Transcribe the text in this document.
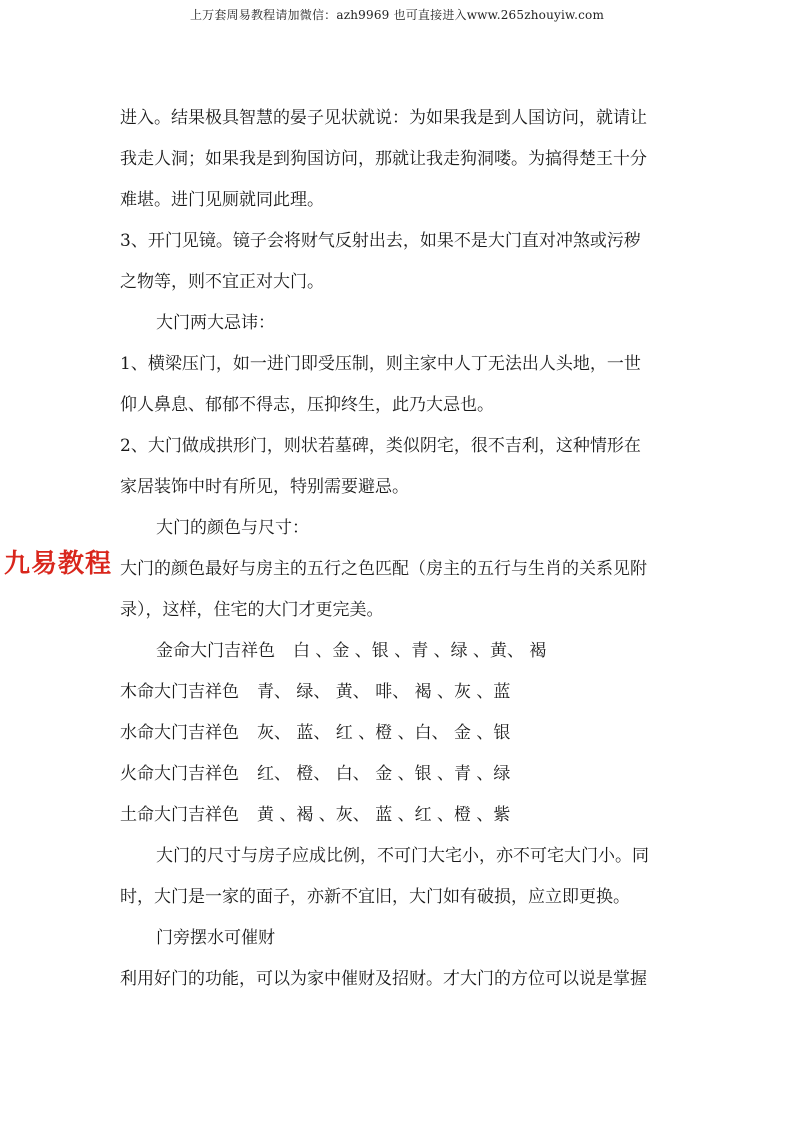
上万套周易教程请加微信：azh9969 也可直接进入www.265zhouyiw.com
九易教程
进入。结果极具智慧的晏子见状就说：为如果我是到人国访问，就请让
我走人洞；如果我是到狗国访问，那就让我走狗洞喽。为搞得楚王十分
难堪。进门见厕就同此理。
3、开门见镜。镜子会将财气反射出去，如果不是大门直对冲煞或污秽
之物等，则不宜正对大门。
大门两大忌讳：
1、横梁压门，如一进门即受压制，则主家中人丁无法出人头地，一世
仰人鼻息、郁郁不得志，压抑终生，此乃大忌也。
2、大门做成拱形门，则状若墓碑，类似阴宅，很不吉利，这种情形在
家居装饰中时有所见，特别需要避忌。
大门的颜色与尺寸：
大门的颜色最好与房主的五行之色匹配（房主的五行与生肖的关系见附
录），这样，住宅的大门才更完美。
金命大门吉祥色	白 、金 、银 、青 、绿 、黄、 褐
木命大门吉祥色	青、 绿、 黄、 啡、 褐 、灰 、蓝
水命大门吉祥色	灰、 蓝、 红 、橙 、白、 金 、银
火命大门吉祥色	红、 橙、 白、 金 、银 、青 、绿
土命大门吉祥色	黄 、褐 、灰、 蓝 、红 、橙 、紫
大门的尺寸与房子应成比例，不可门大宅小，亦不可宅大门小。同
时，大门是一家的面子，亦新不宜旧，大门如有破损，应立即更换。
门旁摆水可催财
利用好门的功能，可以为家中催财及招财。才大门的方位可以说是掌握
